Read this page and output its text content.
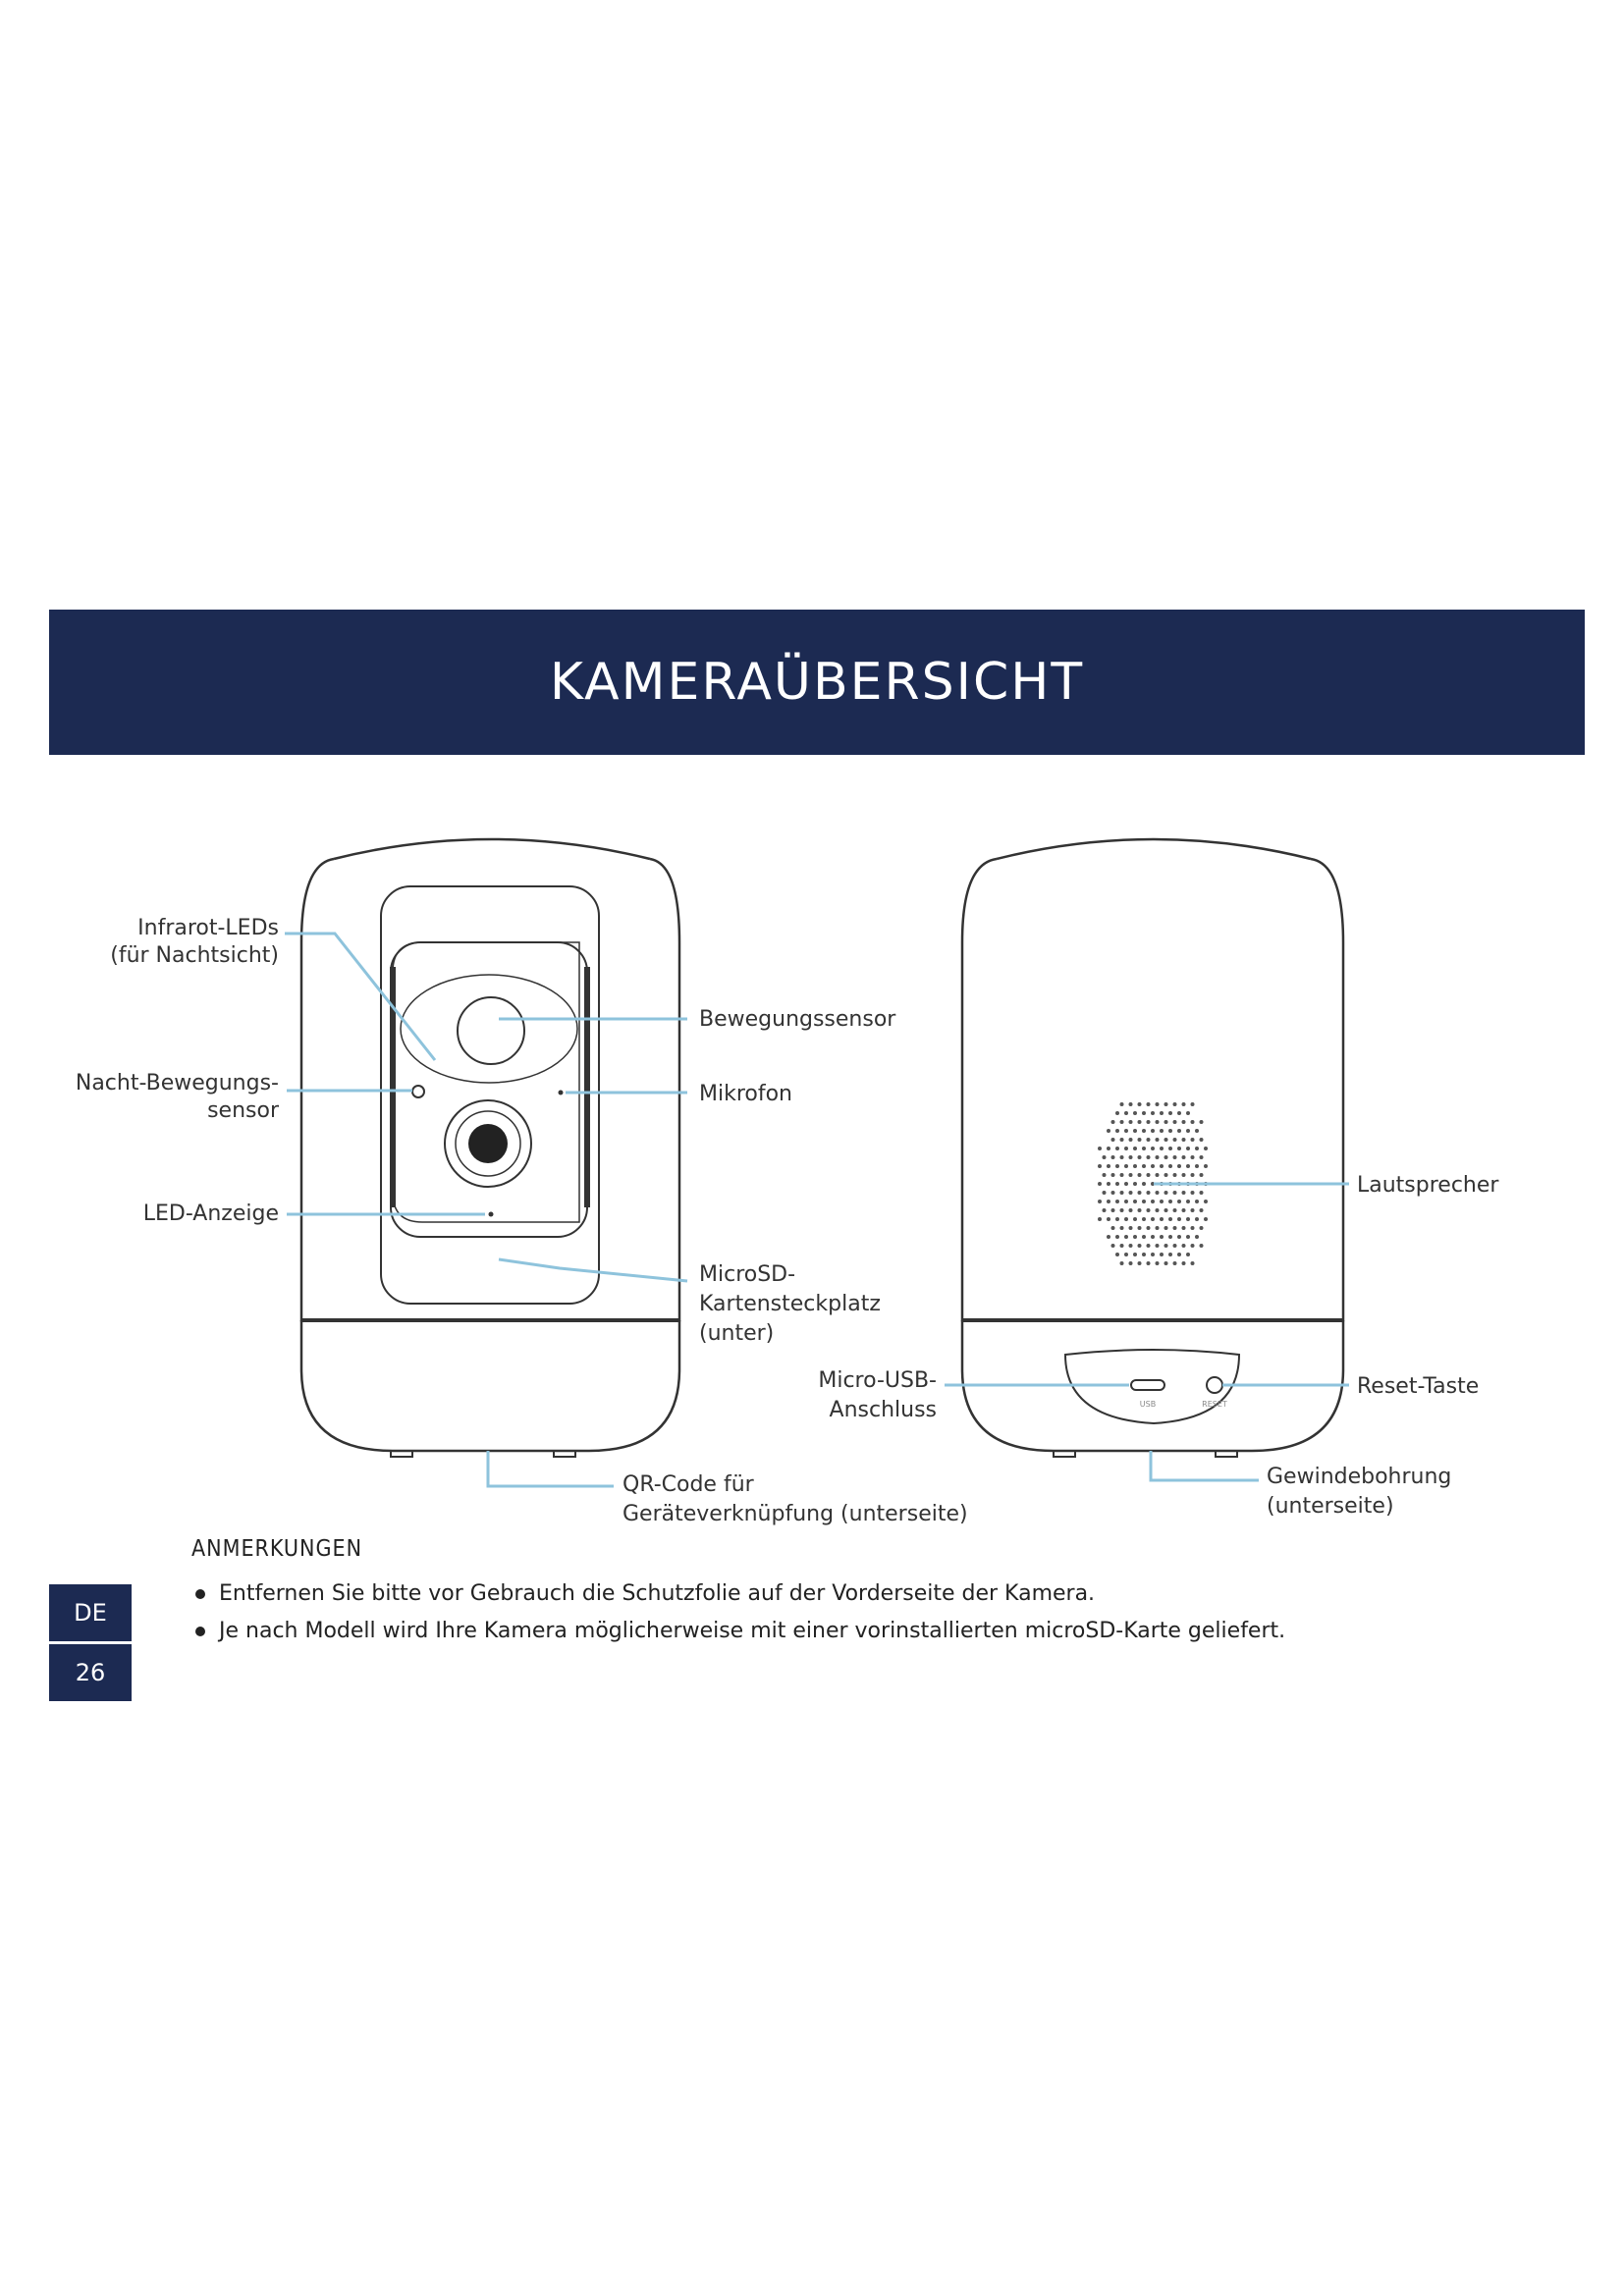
KAMERAÜBERSICHT
Infrarot-LEDs
(für Nachtsicht)
Nacht-Bewegungs-
sensor
LED-Anzeige
Bewegungssensor
Mikrofon
MicroSD-
Kartensteckplatz
(unter)
QR-Code für
Geräteverknüpfung (unterseite)
USB	RESET
Lautsprecher
Micro-USB-
Anschluss
Reset-Taste
Gewindebohrung
(unterseite)
ANMERKUNGEN
Entfernen Sie bitte vor Gebrauch die Schutzfolie auf der Vorderseite der Kamera.
Je nach Modell wird Ihre Kamera möglicherweise mit einer vorinstallierten microSD-Karte geliefert.
DE
26
